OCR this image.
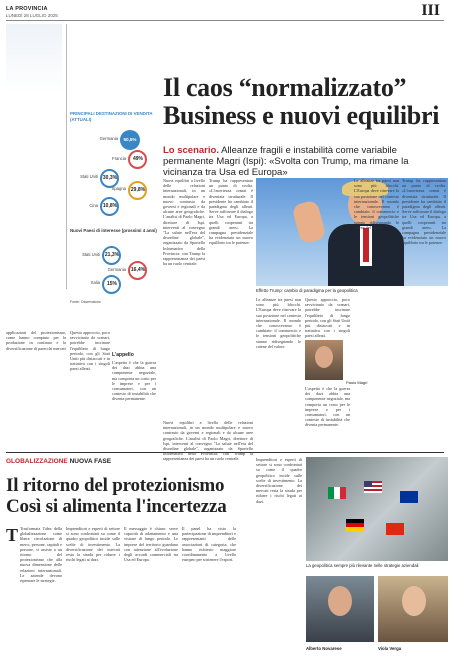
LA PROVINCIA
LUNEDÌ 28 LUGLIO 2025	III
PRINCIPALI DESTINAZIONI DI VENDITA (ATTUALI)
Germania	50,5%
Francia	49%
Stati Uniti 30,3%
Spagna 29,8%
Cina 10,8%
Nuovi Paesi di interesse (prossimi 4 anni)
Stati Uniti 21,3%
Germania 16,4%
Italia	15%
Fonte: Osservatorio
Il caos “normalizzato”
Business e nuovi equilibri
Lo scenario. Alleanze fragili e instabilità come variabile permanente Magri (Ispi): «Svolta con Trump, ma rimane la vicinanza tra Usa ed Europa»
Nuovi equilibri a livello delle relazioni internazionali, in un mondo multipolare e nuovo contrasto da governi e regionali e da alcune aree geografiche. L'analisi di Paolo Magri, direttore di Ispi, interventi al convegno "La salute nell'era del disordine globale", organizzato da Sportello Informativo della Provincia: con Trump la rappresentanza dei paesi ha un ruolo centrale.
Trump ha rappresentato un punto di svolta. «L'incertezza ormai è diventata strutturale. Il presidente ha cambiato il paradigma degli alleati. Serve rafforzare il dialogo tra Usa ed Europa, a quelli cooperanti tra grandi aree». La campagna presidenziale ha evidenziato un nuovo equilibrio tra le potenze.
Effetto Trump: cambio di paradigma per la geopolitica
Le alleanze tra paesi non sono più blocchi. L'Europa deve ritrovare la sua posizione nel contesto internazionale. Il mondo che conoscevamo è cambiato: il commercio e le tensioni geopolitiche stanno ridisegnando le catene del valore.
Questo approccio, poco ravvicinato da scenari, potrebbe incrinare l'equilibrio di lungo periodo, con gli Stati Uniti più distaccati e in trattativa con i singoli paesi alleati.
Paolo Magri
L'aspetto è che la guerra dei dazi abbia una componente negoziale, ma comporta un costo per le imprese e per i consumatori, con un contesto di instabilità che diventa permanente.
Le alleanze tra paesi non sono più blocchi. L'Europa deve ritrovare la sua posizione nel contesto internazionale. Il mondo che conoscevamo è cambiato: il commercio e le tensioni geopolitiche stanno ridisegnando le catene del valore.
Trump ha rappresentato un punto di svolta. «L'incertezza ormai è diventata strutturale. Il presidente ha cambiato il paradigma degli alleati. Serve rafforzare il dialogo tra Usa ed Europa, a quelli cooperanti tra grandi aree». La campagna presidenziale ha evidenziato un nuovo equilibrio tra le potenze.
applicazioni del protezionismo, come hanno compiuto per la produzione in continuo e la diversificazione di parecchi mercati
Questo approccio, poco ravvicinato da scenari, potrebbe incrinare l'equilibrio di lungo periodo, con gli Stati Uniti più distaccati e in trattativa con i singoli paesi alleati.
L'appello
L'aspetto è che la guerra dei dazi abbia una componente negoziale, ma comporta un costo per le imprese e per i consumatori, con un contesto di instabilità che diventa permanente.
Nuovi equilibri a livello delle relazioni internazionali, in un mondo multipolare e nuovo contrasto da governi e regionali e da alcune aree geografiche. L'analisi di Paolo Magri, direttore di Ispi, interventi al convegno "La salute nell'era del disordine globale", organizzato da Sportello Informativo della Provincia: con Trump la rappresentanza dei paesi ha un ruolo centrale.
GLOBALIZZAZIONE NUOVA FASE
Il ritorno del protezionismo
Così si alimenta l'incertezza
T Trasformata l'idea della globalizzazione come libera circolazione di merci, persone, capitali e persone, si assiste a un ritorno del protezionismo che alla nuova dimensione delle relazioni internazionali. Le aziende devono ripensare le strategie.
Imprenditori e esperti di settore si sono confrontati su come il quadro geopolitico incide sulle scelte di investimento. La diversificazione dei mercati resta la strada per ridurre i rischi legati ai dazi.
Il messaggio è chiaro: serve capacità di adattamento e una visione di lungo periodo. Le imprese del territorio guardano con attenzione all'evoluzione degli accordi commerciali tra Usa ed Europa.
Il panel ha visto la partecipazione di imprenditori e rappresentanti delle associazioni di categoria, che hanno richiesto maggiore coordinamento a livello europeo per sostenere l'export.
Imprenditori e esperti di settore si sono confrontati su come il quadro geopolitico incide sulle scelte di investimento. La diversificazione dei mercati resta la strada per ridurre i rischi legati ai dazi.
La geopolitica sempre più rilevante nelle strategie aziendali
Alberto Novarese	Viola Verga
